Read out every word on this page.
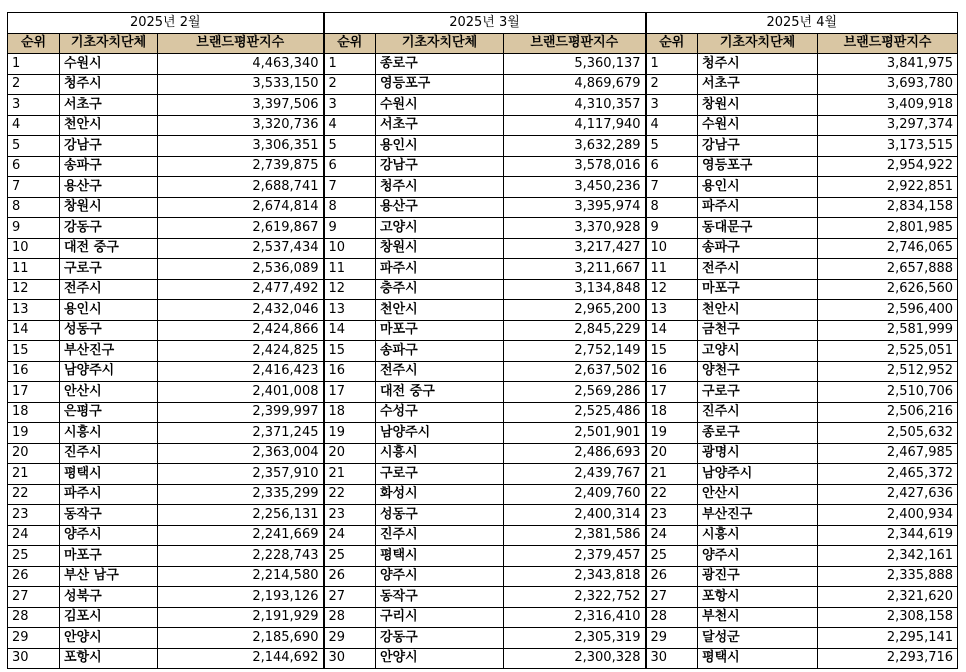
2025년 2월			2025년 3월			2025년 4월		
순위	기초자치단체	브랜드평판지수	순위	기초자치단체	브랜드평판지수	순위	기초자치단체	브랜드평판지수
1	수원시	4,463,340	1	종로구	5,360,137	1	청주시	3,841,975
2	청주시	3,533,150	2	영등포구	4,869,679	2	서초구	3,693,780
3	서초구	3,397,506	3	수원시	4,310,357	3	창원시	3,409,918
4	천안시	3,320,736	4	서초구	4,117,940	4	수원시	3,297,374
5	강남구	3,306,351	5	용인시	3,632,289	5	강남구	3,173,515
6	송파구	2,739,875	6	강남구	3,578,016	6	영등포구	2,954,922
7	용산구	2,688,741	7	청주시	3,450,236	7	용인시	2,922,851
8	창원시	2,674,814	8	용산구	3,395,974	8	파주시	2,834,158
9	강동구	2,619,867	9	고양시	3,370,928	9	동대문구	2,801,985
10	대전 중구	2,537,434	10	창원시	3,217,427	10	송파구	2,746,065
11	구로구	2,536,089	11	파주시	3,211,667	11	전주시	2,657,888
12	전주시	2,477,492	12	충주시	3,134,848	12	마포구	2,626,560
13	용인시	2,432,046	13	천안시	2,965,200	13	천안시	2,596,400
14	성동구	2,424,866	14	마포구	2,845,229	14	금천구	2,581,999
15	부산진구	2,424,825	15	송파구	2,752,149	15	고양시	2,525,051
16	남양주시	2,416,423	16	전주시	2,637,502	16	양천구	2,512,952
17	안산시	2,401,008	17	대전 중구	2,569,286	17	구로구	2,510,706
18	은평구	2,399,997	18	수성구	2,525,486	18	진주시	2,506,216
19	시흥시	2,371,245	19	남양주시	2,501,901	19	종로구	2,505,632
20	진주시	2,363,004	20	시흥시	2,486,693	20	광명시	2,467,985
21	평택시	2,357,910	21	구로구	2,439,767	21	남양주시	2,465,372
22	파주시	2,335,299	22	화성시	2,409,760	22	안산시	2,427,636
23	동작구	2,256,131	23	성동구	2,400,314	23	부산진구	2,400,934
24	양주시	2,241,669	24	진주시	2,381,586	24	시흥시	2,344,619
25	마포구	2,228,743	25	평택시	2,379,457	25	양주시	2,342,161
26	부산 남구	2,214,580	26	양주시	2,343,818	26	광진구	2,335,888
27	성북구	2,193,126	27	동작구	2,322,752	27	포항시	2,321,620
28	김포시	2,191,929	28	구리시	2,316,410	28	부천시	2,308,158
29	안양시	2,185,690	29	강동구	2,305,319	29	달성군	2,295,141
30	포항시	2,144,692	30	안양시	2,300,328	30	평택시	2,293,716
